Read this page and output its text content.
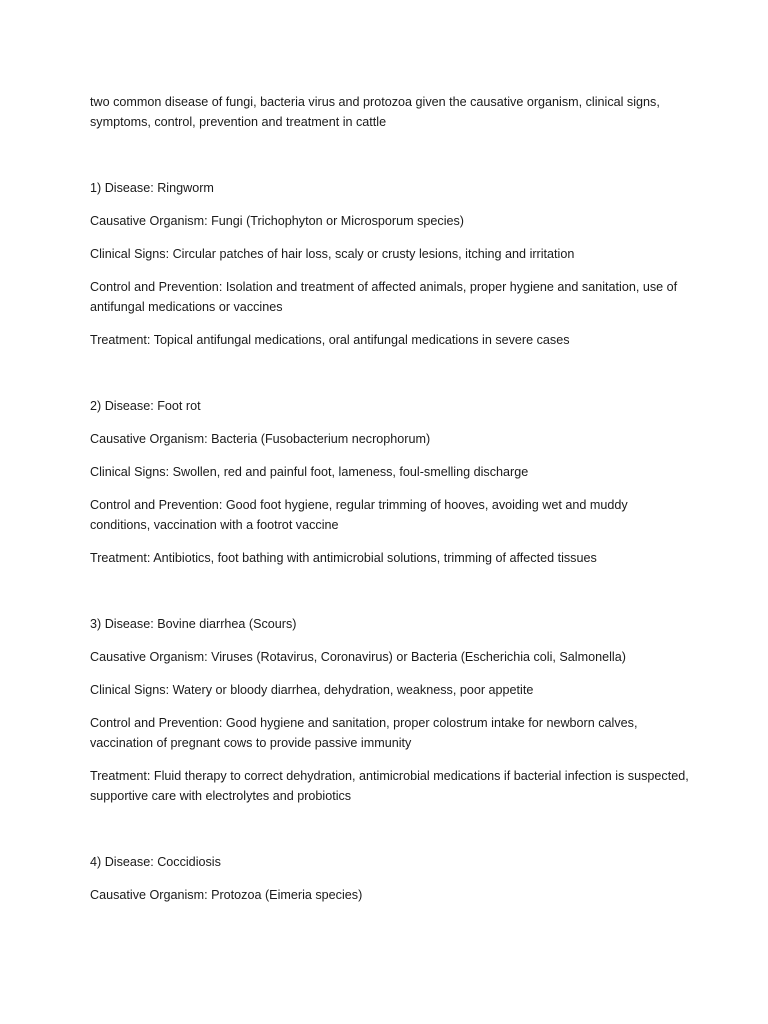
two common disease of fungi, bacteria virus and protozoa given the causative organism, clinical signs, symptoms, control, prevention and treatment in cattle

1) Disease: Ringworm

Causative Organism: Fungi (Trichophyton or Microsporum species)

Clinical Signs: Circular patches of hair loss, scaly or crusty lesions, itching and irritation

Control and Prevention: Isolation and treatment of affected animals, proper hygiene and sanitation, use of antifungal medications or vaccines

Treatment: Topical antifungal medications, oral antifungal medications in severe cases

2) Disease: Foot rot

Causative Organism: Bacteria (Fusobacterium necrophorum)

Clinical Signs: Swollen, red and painful foot, lameness, foul-smelling discharge

Control and Prevention: Good foot hygiene, regular trimming of hooves, avoiding wet and muddy conditions, vaccination with a footrot vaccine

Treatment: Antibiotics, foot bathing with antimicrobial solutions, trimming of affected tissues

3) Disease: Bovine diarrhea (Scours)

Causative Organism: Viruses (Rotavirus, Coronavirus) or Bacteria (Escherichia coli, Salmonella)

Clinical Signs: Watery or bloody diarrhea, dehydration, weakness, poor appetite

Control and Prevention: Good hygiene and sanitation, proper colostrum intake for newborn calves, vaccination of pregnant cows to provide passive immunity

Treatment: Fluid therapy to correct dehydration, antimicrobial medications if bacterial infection is suspected, supportive care with electrolytes and probiotics

4) Disease: Coccidiosis

Causative Organism: Protozoa (Eimeria species)
